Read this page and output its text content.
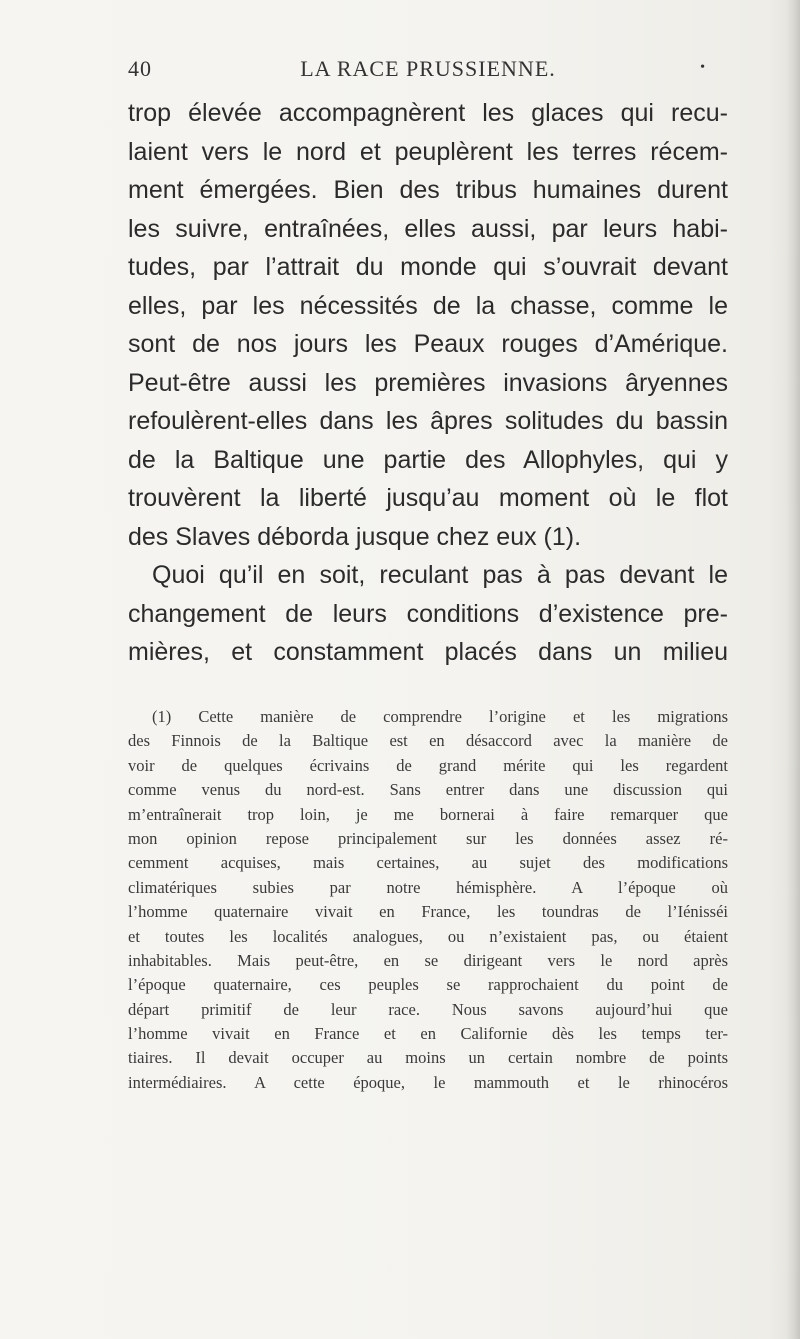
40	LA RACE PRUSSIENNE.	•
trop élevée accompagnèrent les glaces qui recu-
laient vers le nord et peuplèrent les terres récem-
ment émergées. Bien des tribus humaines durent
les suivre, entraînées, elles aussi, par leurs habi-
tudes, par l’attrait du monde qui s’ouvrait devant
elles, par les nécessités de la chasse, comme le
sont de nos jours les Peaux rouges d’Amérique.
Peut-être aussi les premières invasions âryennes
refoulèrent-elles dans les âpres solitudes du bassin
de la Baltique une partie des Allophyles, qui y
trouvèrent la liberté jusqu’au moment où le flot
des Slaves déborda jusque chez eux (1).
Quoi qu’il en soit, reculant pas à pas devant le
changement de leurs conditions d’existence pre-
mières, et constamment placés dans un milieu
(1) Cette manière de comprendre l’origine et les migrations
des Finnois de la Baltique est en désaccord avec la manière de
voir de quelques écrivains de grand mérite qui les regardent
comme venus du nord-est. Sans entrer dans une discussion qui
m’entraînerait trop loin, je me bornerai à faire remarquer que
mon opinion repose principalement sur les données assez ré-
cemment acquises, mais certaines, au sujet des modifications
climatériques subies par notre hémisphère. A l’époque où
l’homme quaternaire vivait en France, les toundras de l’Iénisséi
et toutes les localités analogues, ou n’existaient pas, ou étaient
inhabitables. Mais peut-être, en se dirigeant vers le nord après
l’époque quaternaire, ces peuples se rapprochaient du point de
départ primitif de leur race. Nous savons aujourd’hui que
l’homme vivait en France et en Californie dès les temps ter-
tiaires. Il devait occuper au moins un certain nombre de points
intermédiaires. A cette époque, le mammouth et le rhinocéros
